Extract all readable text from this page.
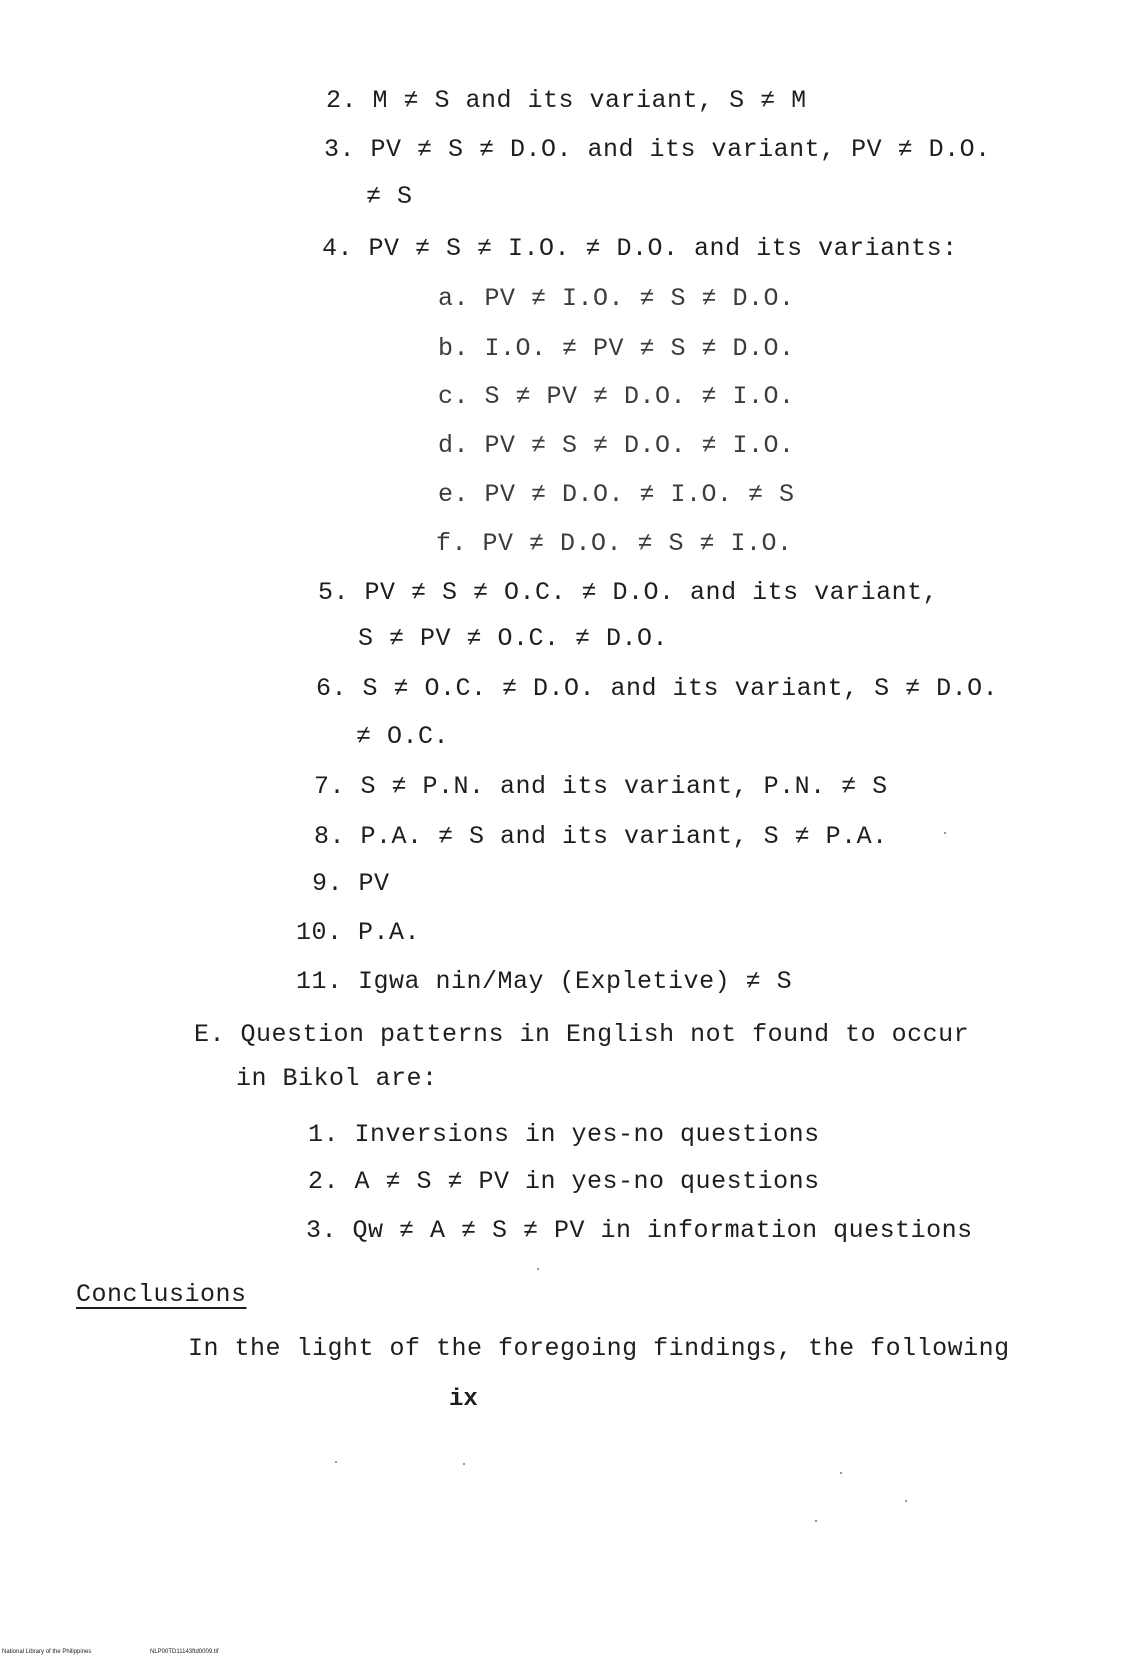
2. M ≠ S and its variant, S ≠ M
3. PV ≠ S ≠ D.O. and its variant, PV ≠ D.O.
≠ S
4. PV ≠ S ≠ I.O. ≠ D.O. and its variants:
a. PV ≠ I.O. ≠ S ≠ D.O.
b. I.O. ≠ PV ≠ S ≠ D.O.
c. S ≠ PV ≠ D.O. ≠ I.O.
d. PV ≠ S ≠ D.O. ≠ I.O.
e. PV ≠ D.O. ≠ I.O. ≠ S
f. PV ≠ D.O. ≠ S ≠ I.O.
5. PV ≠ S ≠ O.C. ≠ D.O. and its variant,
S ≠ PV ≠ O.C. ≠ D.O.
6. S ≠ O.C. ≠ D.O. and its variant, S ≠ D.O.
≠ O.C.
7. S ≠ P.N. and its variant, P.N. ≠ S
8. P.A. ≠ S and its variant, S ≠ P.A.
9. PV
10. P.A.
11. Igwa nin/May (Expletive) ≠ S
E. Question patterns in English not found to occur
in Bikol are:
1. Inversions in yes-no questions
2. A ≠ S ≠ PV in yes-no questions
3. Qw ≠ A ≠ S ≠ PV in information questions
Conclusions
In the light of the foregoing findings, the following
ix
National Library of the Philippines	NLP00TD11143ftd0009.tif
